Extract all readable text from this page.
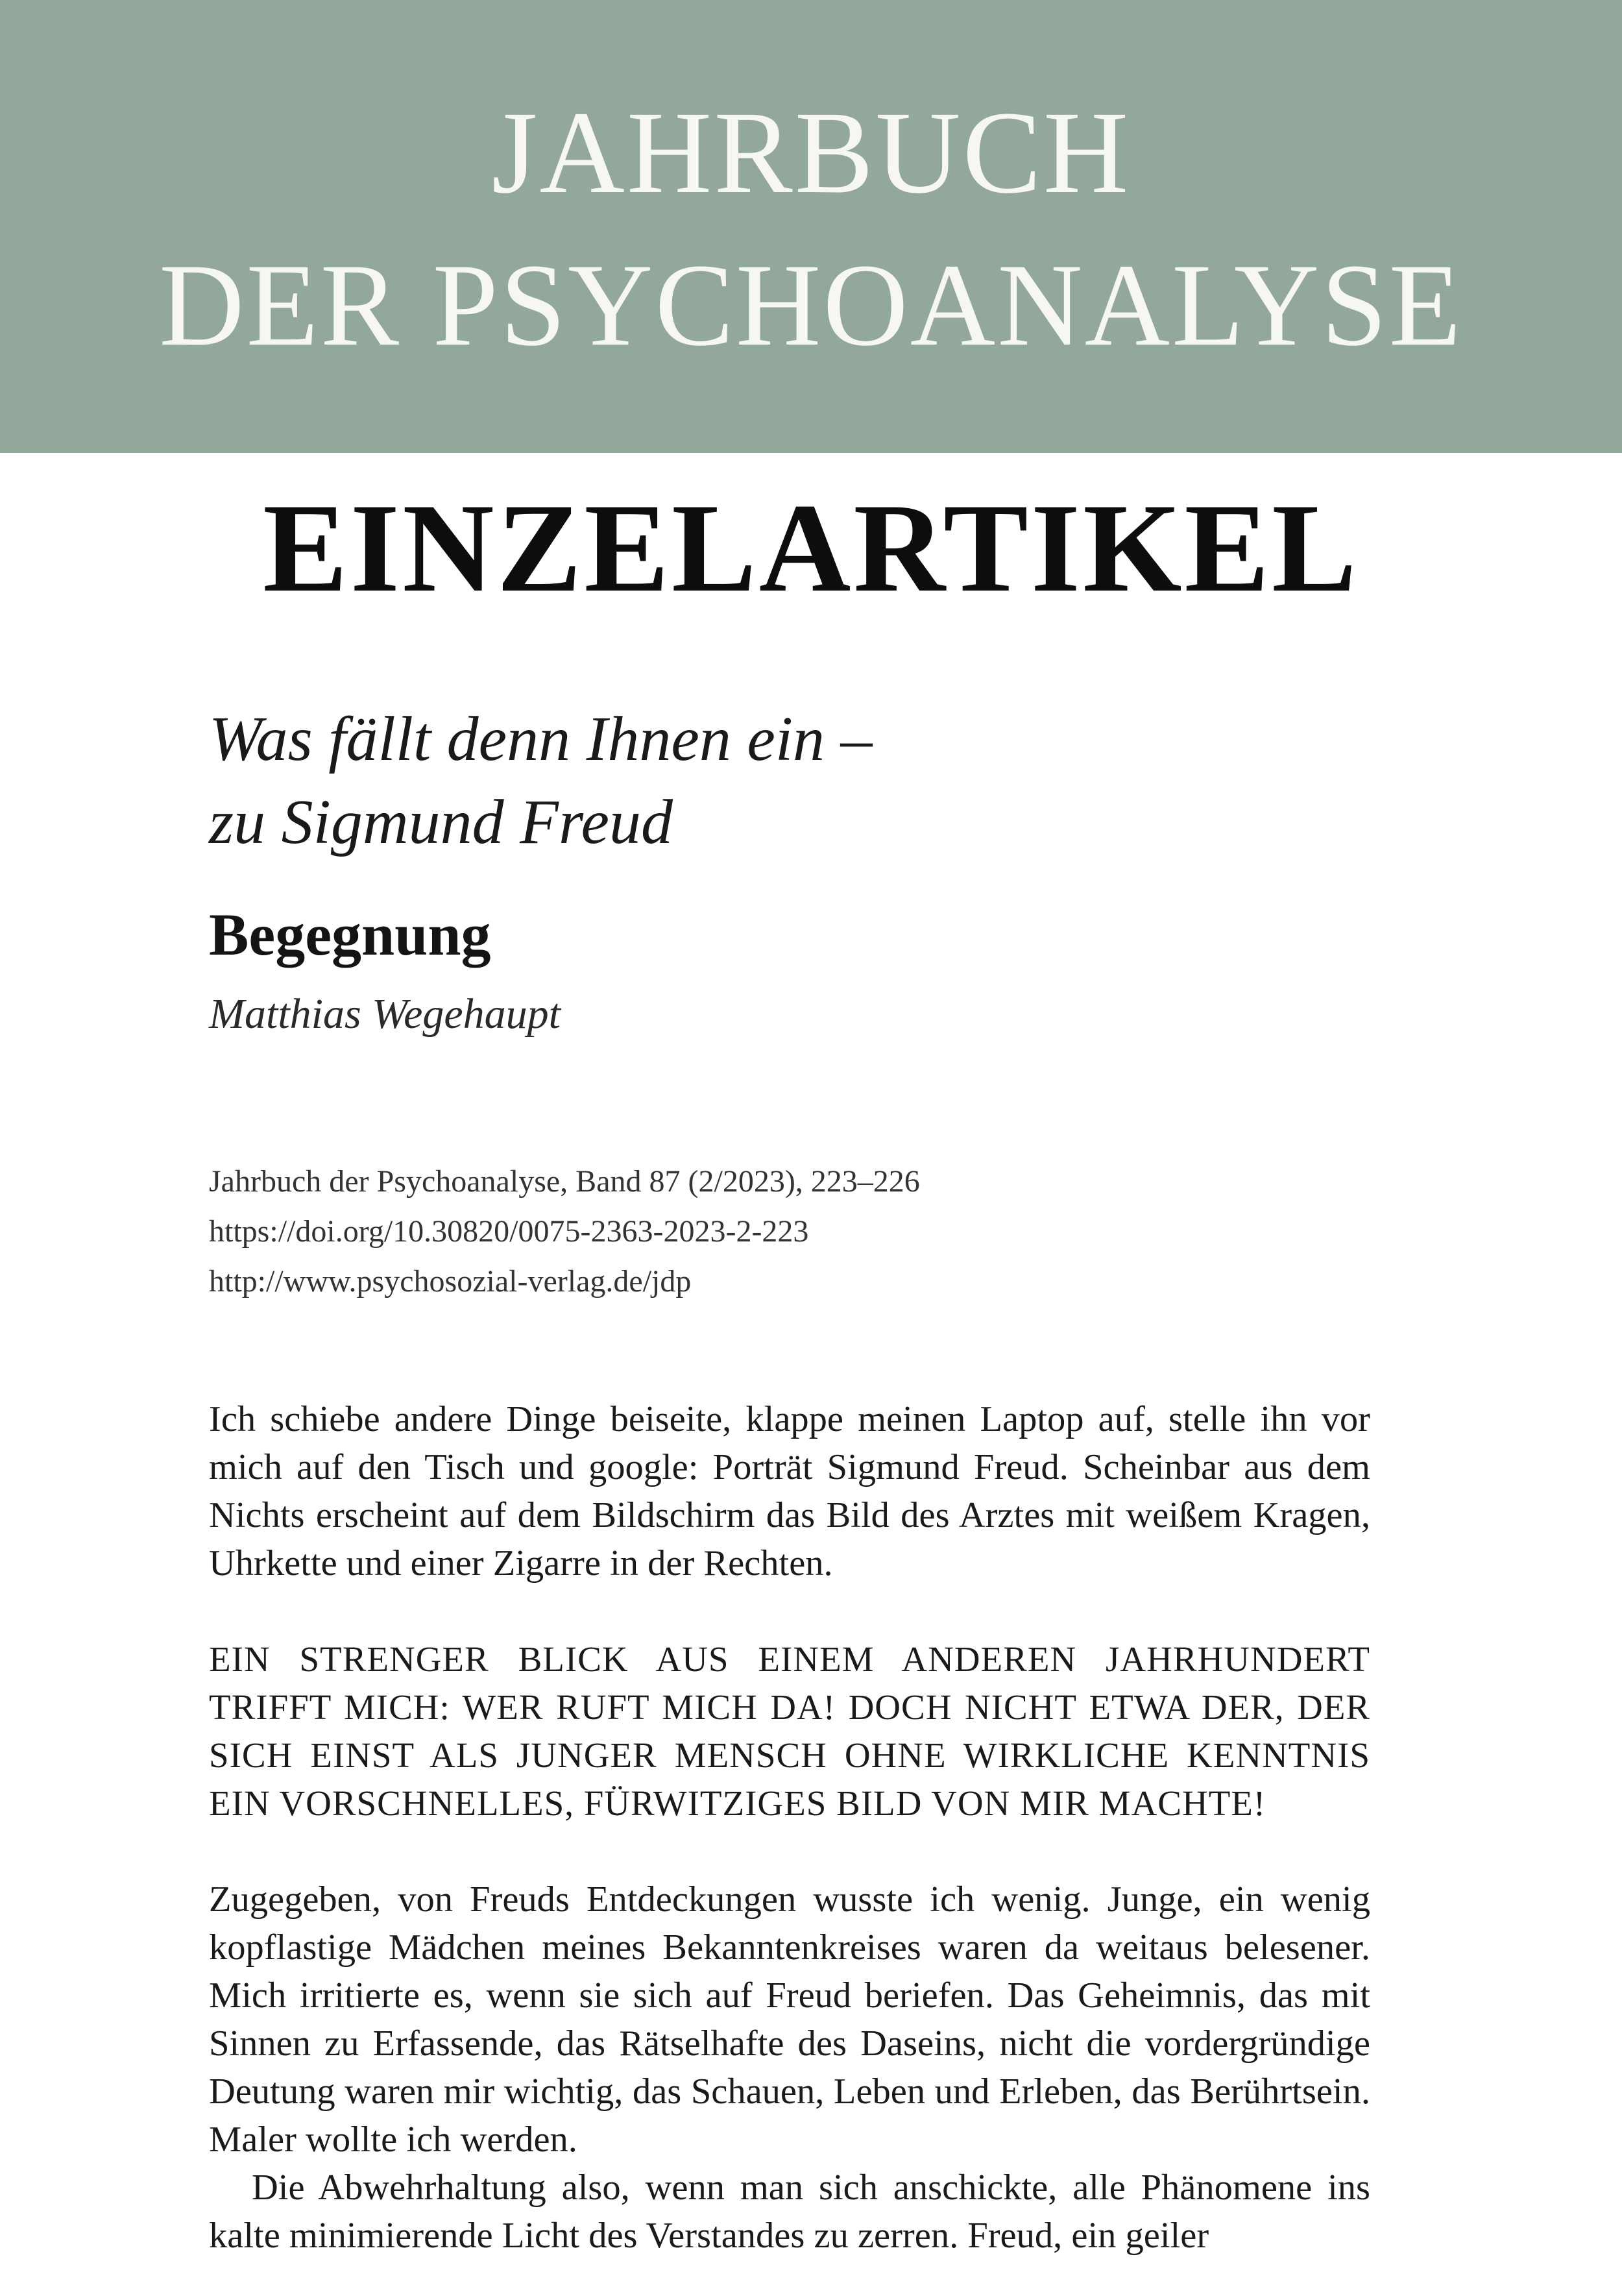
JAHRBUCH
DER PSYCHOANALYSE
EINZELARTIKEL
Was fällt denn Ihnen ein –
zu Sigmund Freud
Begegnung
Matthias Wegehaupt
Jahrbuch der Psychoanalyse, Band 87 (2/2023), 223–226
https://doi.org/10.30820/0075-2363-2023-2-223
http://www.psychosozial-verlag.de/jdp

Ich schiebe andere Dinge beiseite, klappe meinen Laptop auf, stelle ihn vor mich auf den Tisch und google: Porträt Sigmund Freud. Scheinbar aus dem Nichts erscheint auf dem Bildschirm das Bild des Arztes mit weißem Kragen, Uhrkette und einer Zigarre in der Rechten.

EIN STRENGER BLICK AUS EINEM ANDEREN JAHRHUNDERT TRIFFT MICH: WER RUFT MICH DA! DOCH NICHT ETWA DER, DER SICH EINST ALS JUNGER MENSCH OHNE WIRKLICHE KENNTNIS EIN VORSCHNELLES, FÜRWITZIGES BILD VON MIR MACHTE!

Zugegeben, von Freuds Entdeckungen wusste ich wenig. Junge, ein wenig kopflastige Mädchen meines Bekanntenkreises waren da weitaus belesener. Mich irritierte es, wenn sie sich auf Freud beriefen. Das Geheimnis, das mit Sinnen zu Erfassende, das Rätselhafte des Daseins, nicht die vordergründige Deutung waren mir wichtig, das Schauen, Leben und Erleben, das Berührtsein. Maler wollte ich werden.

Die Abwehrhaltung also, wenn man sich anschickte, alle Phänomene ins kalte minimierende Licht des Verstandes zu zerren. Freud, ein geiler
